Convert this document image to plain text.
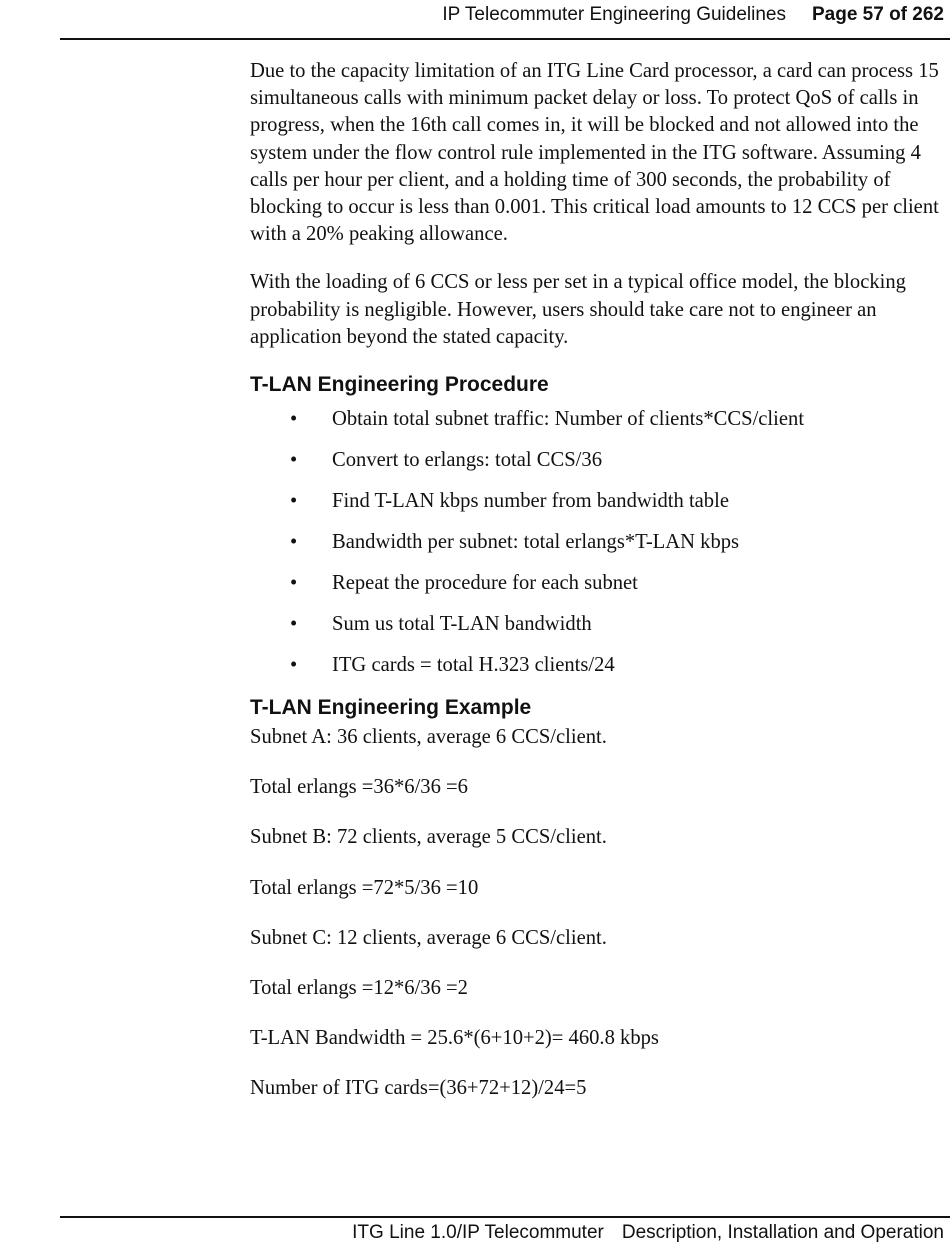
IP Telecommuter Engineering Guidelines Page 57 of 262

Due to the capacity limitation of an ITG Line Card processor, a card can process 15 simultaneous calls with minimum packet delay or loss. To protect QoS of calls in progress, when the 16th call comes in, it will be blocked and not allowed into the system under the flow control rule implemented in the ITG software. Assuming 4 calls per hour per client, and a holding time of 300 seconds, the probability of blocking to occur is less than 0.001. This critical load amounts to 12 CCS per client with a 20% peaking allowance.

With the loading of 6 CCS or less per set in a typical office model, the blocking probability is negligible. However, users should take care not to engineer an application beyond the stated capacity.

T-LAN Engineering Procedure
• Obtain total subnet traffic: Number of clients*CCS/client
• Convert to erlangs: total CCS/36
• Find T-LAN kbps number from bandwidth table
• Bandwidth per subnet: total erlangs*T-LAN kbps
• Repeat the procedure for each subnet
• Sum us total T-LAN bandwidth
• ITG cards = total H.323 clients/24
T-LAN Engineering Example

Subnet A: 36 clients, average 6 CCS/client.

Total erlangs =36*6/36 =6

Subnet B: 72 clients, average 5 CCS/client.

Total erlangs =72*5/36 =10

Subnet C: 12 clients, average 6 CCS/client.

Total erlangs =12*6/36 =2

T-LAN Bandwidth = 25.6*(6+10+2)= 460.8 kbps

Number of ITG cards=(36+72+12)/24=5

ITG Line 1.0/IP Telecommuter Description, Installation and Operation
